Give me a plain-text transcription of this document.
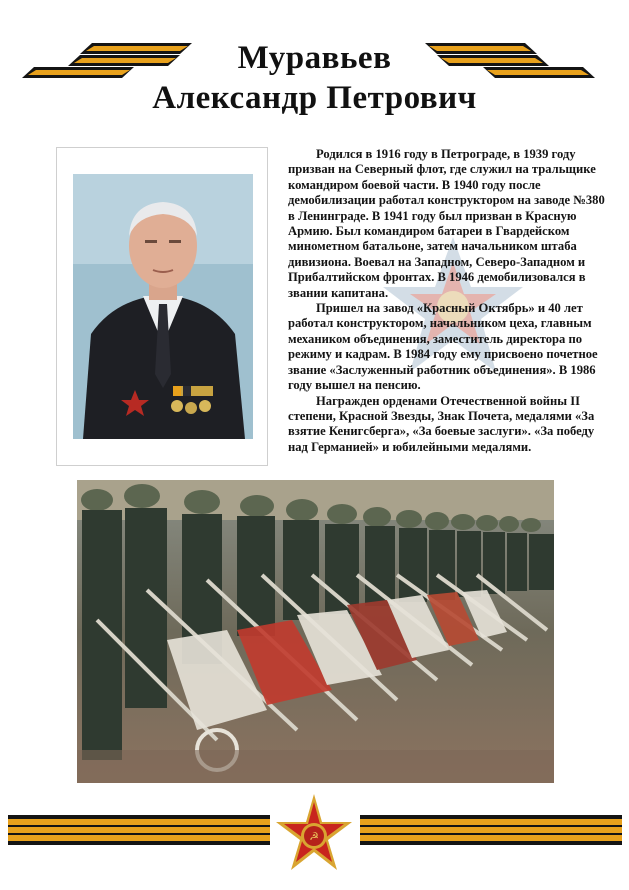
Муравьев
Александр Петрович

Родился в 1916 году в Петрограде, в 1939 году призван на Северный флот, где служил на тральщике командиром боевой части. В 1940 году после демобилизации работал конструктором на заводе №380 в Ленинграде. В 1941 году был призван в Красную Армию. Был командиром батареи в Гвардейском минометном батальоне, затем начальником штаба дивизиона. Воевал на Западном, Северо-Западном и Прибалтийском фронтах. В 1946 демобилизовался в звании капитана.

Пришел на завод «Красный Октябрь» и 40 лет работал конструктором, начальником цеха, главным механиком объединения, заместитель директора по режиму и кадрам. В 1984 году ему присвоено почетное звание «Заслуженный работник объединения». В 1986 году вышел на пенсию.

Награжден орденами Отечественной войны II степени, Красной Звезды, Знак Почета, медалями «За взятие Кенигсберга», «За боевые заслуги». «За победу над Германией» и юбилейными медалями.

☭
